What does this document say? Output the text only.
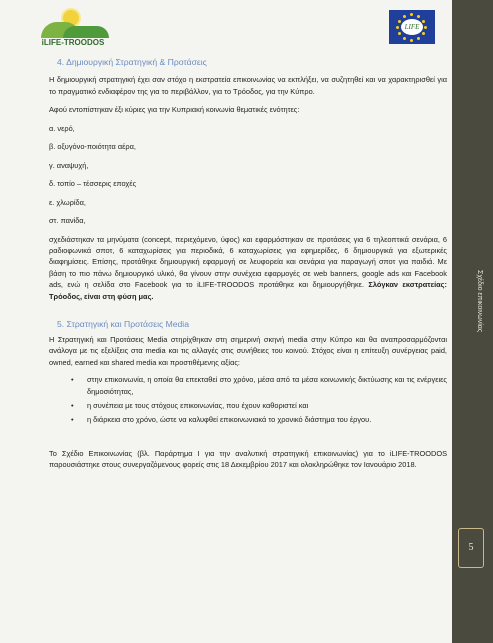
iLIFE-TROODOS
LIFE
Σχέδιο επικοινωνίας
5
4. Δημιουργική Στρατηγική & Προτάσεις

Η δημιουργική στρατηγική έχει σαν στόχο η εκστρατεία επικοινωνίας να εκπλήξει, να συζητηθεί και να χαρακτηρισθεί για το πραγματικό ενδιαφέρον της για το περιβάλλον, για το Τρόοδος, για την Κύπρο.

Αφού εντοπίστηκαν έξι κύριες για την Κυπριακή κοινωνία θεματικές ενότητες:

α. νερό,

β. οξυγόνο-ποιότητα αέρα,

γ. αναψυχή,

δ. τοπίο – τέσσερις εποχές

ε. χλωρίδα,

στ. πανίδα,

σχεδιάστηκαν τα μηνύματα (concept, περιεχόμενο, ύφος) και εφαρμόστηκαν σε προτάσεις για 6 τηλεοπτικά σενάρια, 6 ραδιοφωνικά σποτ, 6 καταχωρίσεις για περιοδικά, 6 καταχωρίσεις για εφημερίδες, 6 δημιουργικά για εξωτερικές διαφημίσεις. Επίσης, προτάθηκε δημιουργική εφαρμογή σε λευφορεία και σενάρια για παραγωγή σποτ για παιδιά. Με βάση το πιο πάνω δημιουργικό υλικό, θα γίνουν στην συνέχεια εφαρμογές σε web banners, google ads και Facebook ads, ενώ η σελίδα στο Facebook για το iLIFE-TROODOS προτάθηκε και δημιουργήθηκε. Σλόγκαν εκστρατείας: Τρόοδος, είναι στη φύση μας.

5. Στρατηγική και Προτάσεις Media

Η Στρατηγική και Προτάσεις Media στηρίχθηκαν στη σημερινή σκηνή media στην Κύπρο και θα αναπροσαρμόζονται ανάλογα με τις εξελίξεις στα media και τις αλλαγές στις συνήθειες του κοινού. Στόχος είναι η επίτευξη συνέργειας paid, owned, earned και shared media και προστιθέμενης αξίας:

• στην επικοινωνία, η οποία θα επεκταθεί στο χρόνο, μέσα από τα μέσα κοινωνικής δικτύωσης και τις ενέργειες δημοσιότητας,
• η συνέπεια με τους στόχους επικοινωνίας, που έχουν καθοριστεί και
• η διάρκεια στο χρόνο, ώστε να καλυφθεί επικοινωνιακά το χρονικό διάστημα του έργου.

Το Σχέδιο Επικοινωνίας (βλ. Παράρτημα I για την αναλυτική στρατηγική επικοινωνίας) για το iLIFE-TROODOS παρουσιάστηκε στους συνεργαζόμενους φορείς στις 18 Δεκεμβρίου 2017 και ολοκληρώθηκε τον Ιανουάριο 2018.
